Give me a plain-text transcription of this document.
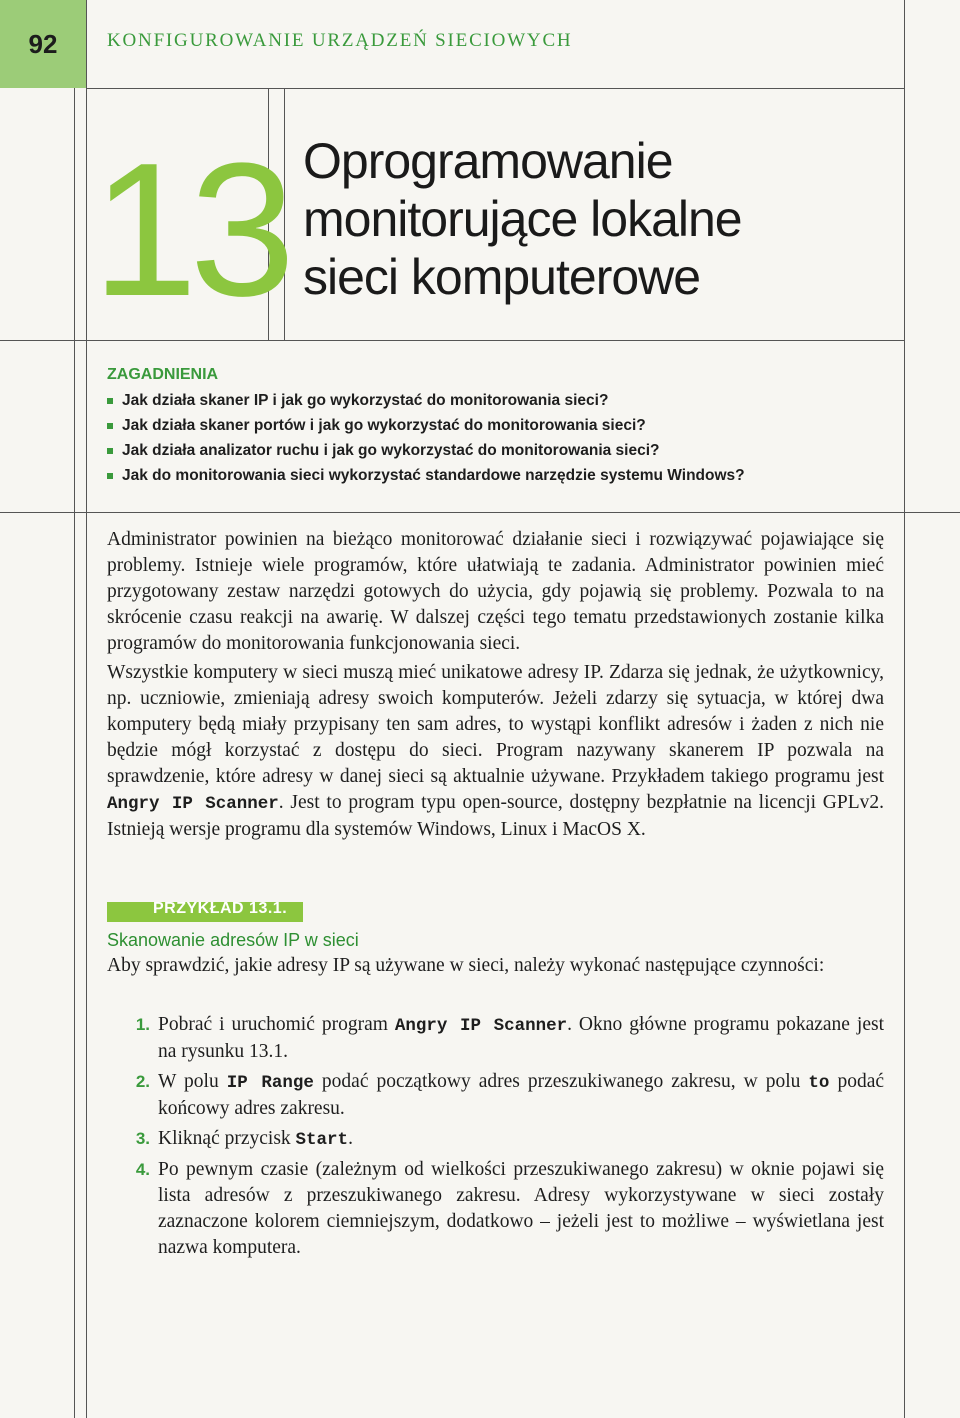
92	KONFIGUROWANIE URZĄDZEŃ SIECIOWYCH
13 Oprogramowanie
monitorujące lokalne
sieci komputerowe
ZAGADNIENIA
Jak działa skaner IP i jak go wykorzystać do monitorowania sieci?
Jak działa skaner portów i jak go wykorzystać do monitorowania sieci?
Jak działa analizator ruchu i jak go wykorzystać do monitorowania sieci?
Jak do monitorowania sieci wykorzystać standardowe narzędzie systemu Windows?

Administrator powinien na bieżąco monitorować działanie sieci i rozwiązywać pojawiające się problemy. Istnieje wiele programów, które ułatwiają te zadania. Administrator powinien mieć przygotowany zestaw narzędzi gotowych do użycia, gdy pojawią się problemy. Pozwala to na skrócenie czasu reakcji na awarię. W dalszej części tego tematu przedstawionych zostanie kilka programów do monitorowania funkcjonowania sieci.

Wszystkie komputery w sieci muszą mieć unikatowe adresy IP. Zdarza się jednak, że użytkownicy, np. uczniowie, zmieniają adresy swoich komputerów. Jeżeli zdarzy się sytuacja, w której dwa komputery będą miały przypisany ten sam adres, to wystąpi konflikt adresów i żaden z nich nie będzie mógł korzystać z dostępu do sieci. Program nazywany skanerem IP pozwala na sprawdzenie, które adresy w danej sieci są aktualnie używane. Przykładem takiego programu jest Angry IP Scanner. Jest to program typu open-source, dostępny bezpłatnie na licencji GPLv2. Istnieją wersje programu dla systemów Windows, Linux i MacOS X.

PRZYKŁAD 13.1.
Skanowanie adresów IP w sieci
Aby sprawdzić, jakie adresy IP są używane w sieci, należy wykonać następujące czynności:
1. Pobrać i uruchomić program Angry IP Scanner. Okno główne programu pokazane jest na rysunku 13.1.
2. W polu IP Range podać początkowy adres przeszukiwanego zakresu, w polu to podać końcowy adres zakresu.
3. Kliknąć przycisk Start.
4. Po pewnym czasie (zależnym od wielkości przeszukiwanego zakresu) w oknie pojawi się lista adresów z przeszukiwanego zakresu. Adresy wykorzystywane w sieci zostały zaznaczone kolorem ciemniejszym, dodatkowo – jeżeli jest to możliwe – wyświetlana jest nazwa komputera.
